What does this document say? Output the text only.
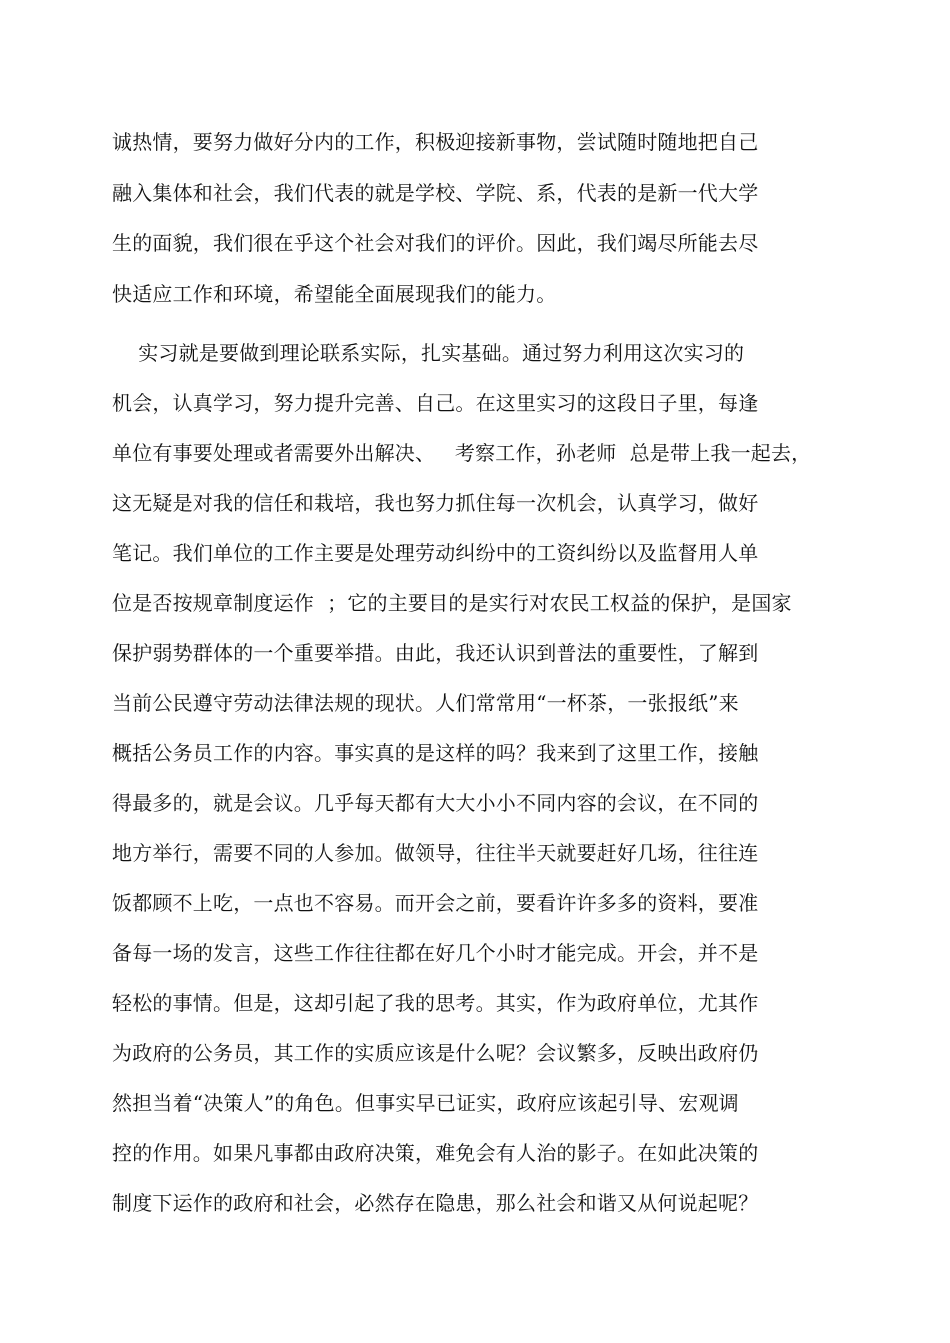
诚热情，要努力做好分内的工作，积极迎接新事物，尝试随时随地把自己
融入集体和社会，我们代表的就是学校、学院、系，代表的是新一代大学
生的面貌，我们很在乎这个社会对我们的评价。因此，我们竭尽所能去尽
快适应工作和环境，希望能全面展现我们的能力。
实习就是要做到理论联系实际，扎实基础。通过努力利用这次实习的
机会，认真学习，努力提升完善、自己。在这里实习的这段日子里，每逢
单位有事要处理或者需要外出解决、   考察工作，孙老师  总是带上我一起去，
这无疑是对我的信任和栽培，我也努力抓住每一次机会，认真学习，做好
笔记。我们单位的工作主要是处理劳动纠纷中的工资纠纷以及监督用人单
位是否按规章制度运作  ；它的主要目的是实行对农民工权益的保护，是国家
保护弱势群体的一个重要举措。由此，我还认识到普法的重要性，了解到
当前公民遵守劳动法律法规的现状。人们常常用“一杯茶，一张报纸”来
概括公务员工作的内容。事实真的是这样的吗？我来到了这里工作，接触
得最多的，就是会议。几乎每天都有大大小小不同内容的会议，在不同的
地方举行，需要不同的人参加。做领导，往往半天就要赶好几场，往往连
饭都顾不上吃，一点也不容易。而开会之前，要看许许多多的资料，要准
备每一场的发言，这些工作往往都在好几个小时才能完成。开会，并不是
轻松的事情。但是，这却引起了我的思考。其实，作为政府单位，尤其作
为政府的公务员，其工作的实质应该是什么呢？会议繁多，反映出政府仍
然担当着“决策人”的角色。但事实早已证实，政府应该起引导、宏观调
控的作用。如果凡事都由政府决策，难免会有人治的影子。在如此决策的
制度下运作的政府和社会，必然存在隐患，那么社会和谐又从何说起呢？
